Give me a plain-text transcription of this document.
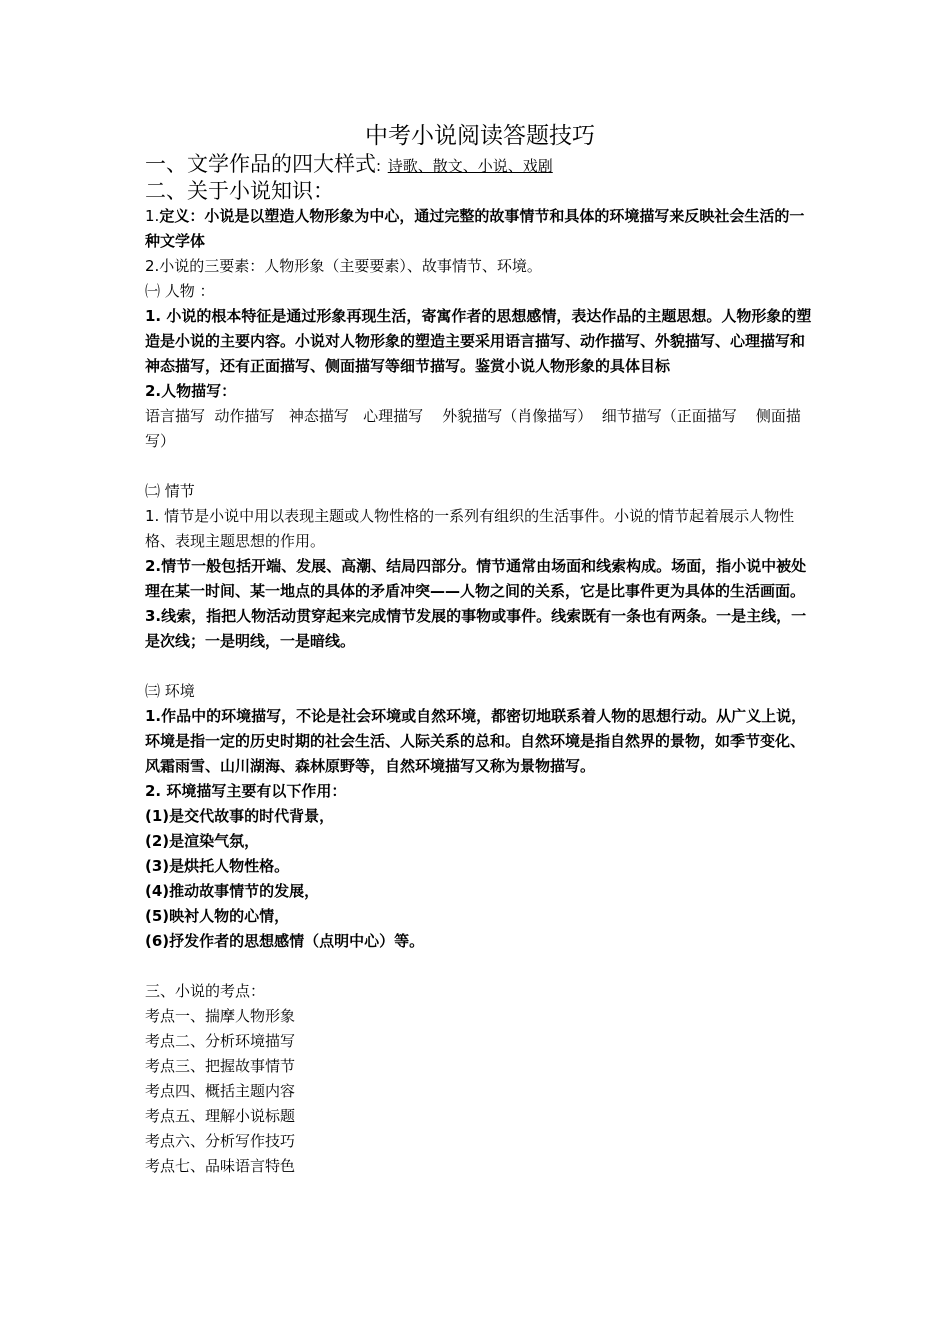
中考小说阅读答题技巧

一、文学作品的四大样式: 诗歌、散文、小说、戏剧

二、关于小说知识：

1.定义：小说是以塑造人物形象为中心，通过完整的故事情节和具体的环境描写来反映社会生活的一种文学体

2.小说的三要素：人物形象（主要要素）、故事情节、环境。

㈠ 人物 ：

1. 小说的根本特征是通过形象再现生活，寄寓作者的思想感情，表达作品的主题思想。人物形象的塑造是小说的主要内容。小说对人物形象的塑造主要采用语言描写、动作描写、外貌描写、心理描写和神态描写，还有正面描写、侧面描写等细节描写。鉴赏小说人物形象的具体目标

2.人物描写：

语言描写  动作描写   神态描写   心理描写    外貌描写（肖像描写）  细节描写（正面描写    侧面描写）

㈡ 情节

1. 情节是小说中用以表现主题或人物性格的一系列有组织的生活事件。小说的情节起着展示人物性格、表现主题思想的作用。

2.情节一般包括开端、发展、高潮、结局四部分。情节通常由场面和线索构成。场面，指小说中被处理在某一时间、某一地点的具体的矛盾冲突——人物之间的关系，它是比事件更为具体的生活画面。

3.线索，指把人物活动贯穿起来完成情节发展的事物或事件。线索既有一条也有两条。一是主线，一是次线；一是明线，一是暗线。

㈢ 环境

1.作品中的环境描写，不论是社会环境或自然环境，都密切地联系着人物的思想行动。从广义上说，环境是指一定的历史时期的社会生活、人际关系的总和。自然环境是指自然界的景物，如季节变化、风霜雨雪、山川湖海、森林原野等，自然环境描写又称为景物描写。

2. 环境描写主要有以下作用：

(1)是交代故事的时代背景，

(2)是渲染气氛，

(3)是烘托人物性格。

(4)推动故事情节的发展，

(5)映衬人物的心情，

(6)抒发作者的思想感情（点明中心）等。

三、小说的考点：

考点一、揣摩人物形象

考点二、分析环境描写

考点三、把握故事情节

考点四、概括主题内容

考点五、理解小说标题

考点六、分析写作技巧

考点七、品味语言特色
